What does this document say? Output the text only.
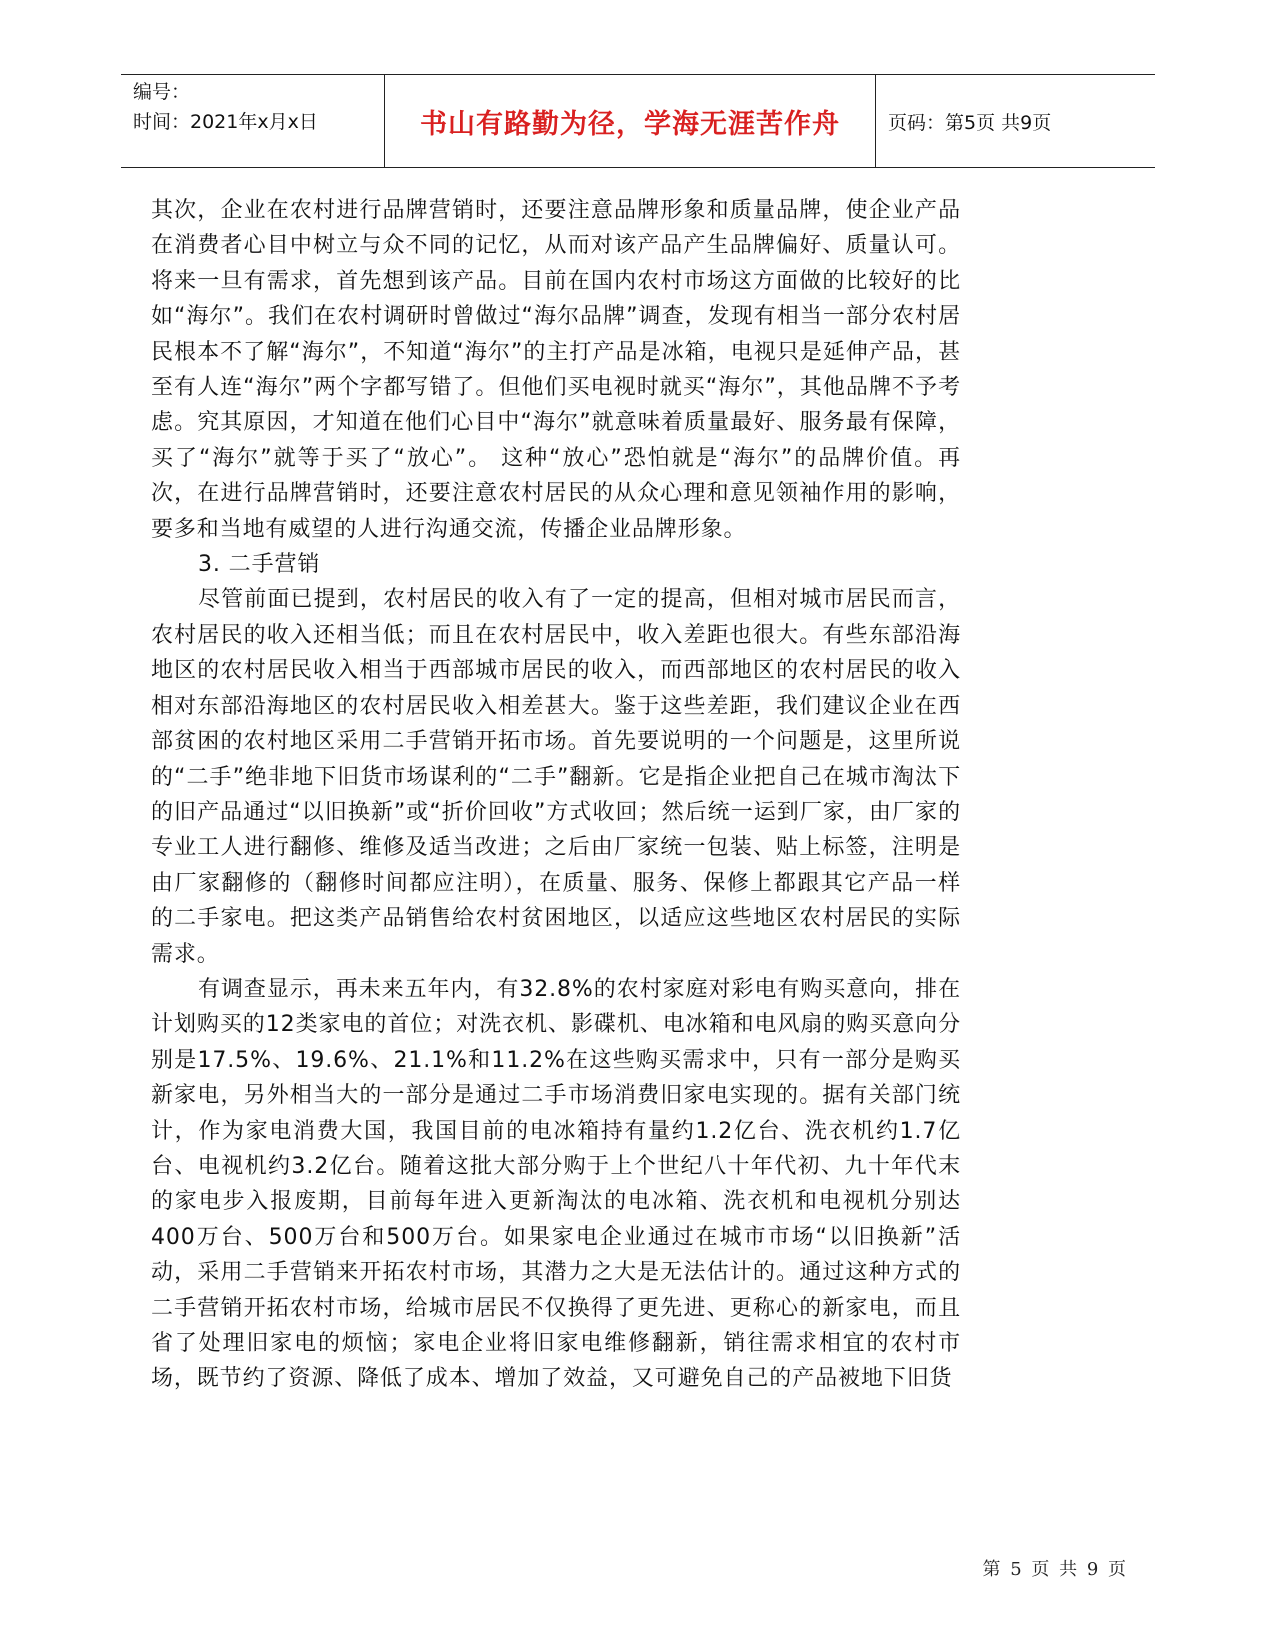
编号：
时间：2021年x月x日	书山有路勤为径，学海无涯苦作舟	页码：第5页 共9页

其次，企业在农村进行品牌营销时，还要注意品牌形象和质量品牌，使企业产品在消费者心目中树立与众不同的记忆，从而对该产品产生品牌偏好、质量认可。将来一旦有需求，首先想到该产品。目前在国内农村市场这方面做的比较好的比如“海尔”。我们在农村调研时曾做过“海尔品牌”调查，发现有相当一部分农村居民根本不了解“海尔”，不知道“海尔”的主打产品是冰箱，电视只是延伸产品，甚至有人连“海尔”两个字都写错了。但他们买电视时就买“海尔”，其他品牌不予考虑。究其原因，才知道在他们心目中“海尔”就意味着质量最好、服务最有保障，买了“海尔”就等于买了“放心”。 这种“放心”恐怕就是“海尔”的品牌价值。再次，在进行品牌营销时，还要注意农村居民的从众心理和意见领袖作用的影响，要多和当地有威望的人进行沟通交流，传播企业品牌形象。

3. 二手营销

尽管前面已提到，农村居民的收入有了一定的提高，但相对城市居民而言，农村居民的收入还相当低；而且在农村居民中，收入差距也很大。有些东部沿海地区的农村居民收入相当于西部城市居民的收入，而西部地区的农村居民的收入相对东部沿海地区的农村居民收入相差甚大。鉴于这些差距，我们建议企业在西部贫困的农村地区采用二手营销开拓市场。首先要说明的一个问题是，这里所说的“二手”绝非地下旧货市场谋利的“二手”翻新。它是指企业把自己在城市淘汰下的旧产品通过“以旧换新”或“折价回收”方式收回；然后统一运到厂家，由厂家的专业工人进行翻修、维修及适当改进；之后由厂家统一包装、贴上标签，注明是由厂家翻修的（翻修时间都应注明），在质量、服务、保修上都跟其它产品一样的二手家电。把这类产品销售给农村贫困地区，以适应这些地区农村居民的实际需求。

有调查显示，再未来五年内，有32.8%的农村家庭对彩电有购买意向，排在计划购买的12类家电的首位；对洗衣机、影碟机、电冰箱和电风扇的购买意向分别是17.5%、19.6%、21.1%和11.2%在这些购买需求中，只有一部分是购买新家电，另外相当大的一部分是通过二手市场消费旧家电实现的。据有关部门统计，作为家电消费大国，我国目前的电冰箱持有量约1.2亿台、洗衣机约1.7亿台、电视机约3.2亿台。随着这批大部分购于上个世纪八十年代初、九十年代末的家电步入报废期，目前每年进入更新淘汰的电冰箱、洗衣机和电视机分别达400万台、500万台和500万台。如果家电企业通过在城市市场“以旧换新”活动，采用二手营销来开拓农村市场，其潜力之大是无法估计的。通过这种方式的二手营销开拓农村市场，给城市居民不仅换得了更先进、更称心的新家电，而且省了处理旧家电的烦恼；家电企业将旧家电维修翻新，销往需求相宜的农村市场，既节约了资源、降低了成本、增加了效益，又可避免自己的产品被地下旧货

第 5 页 共 9 页
